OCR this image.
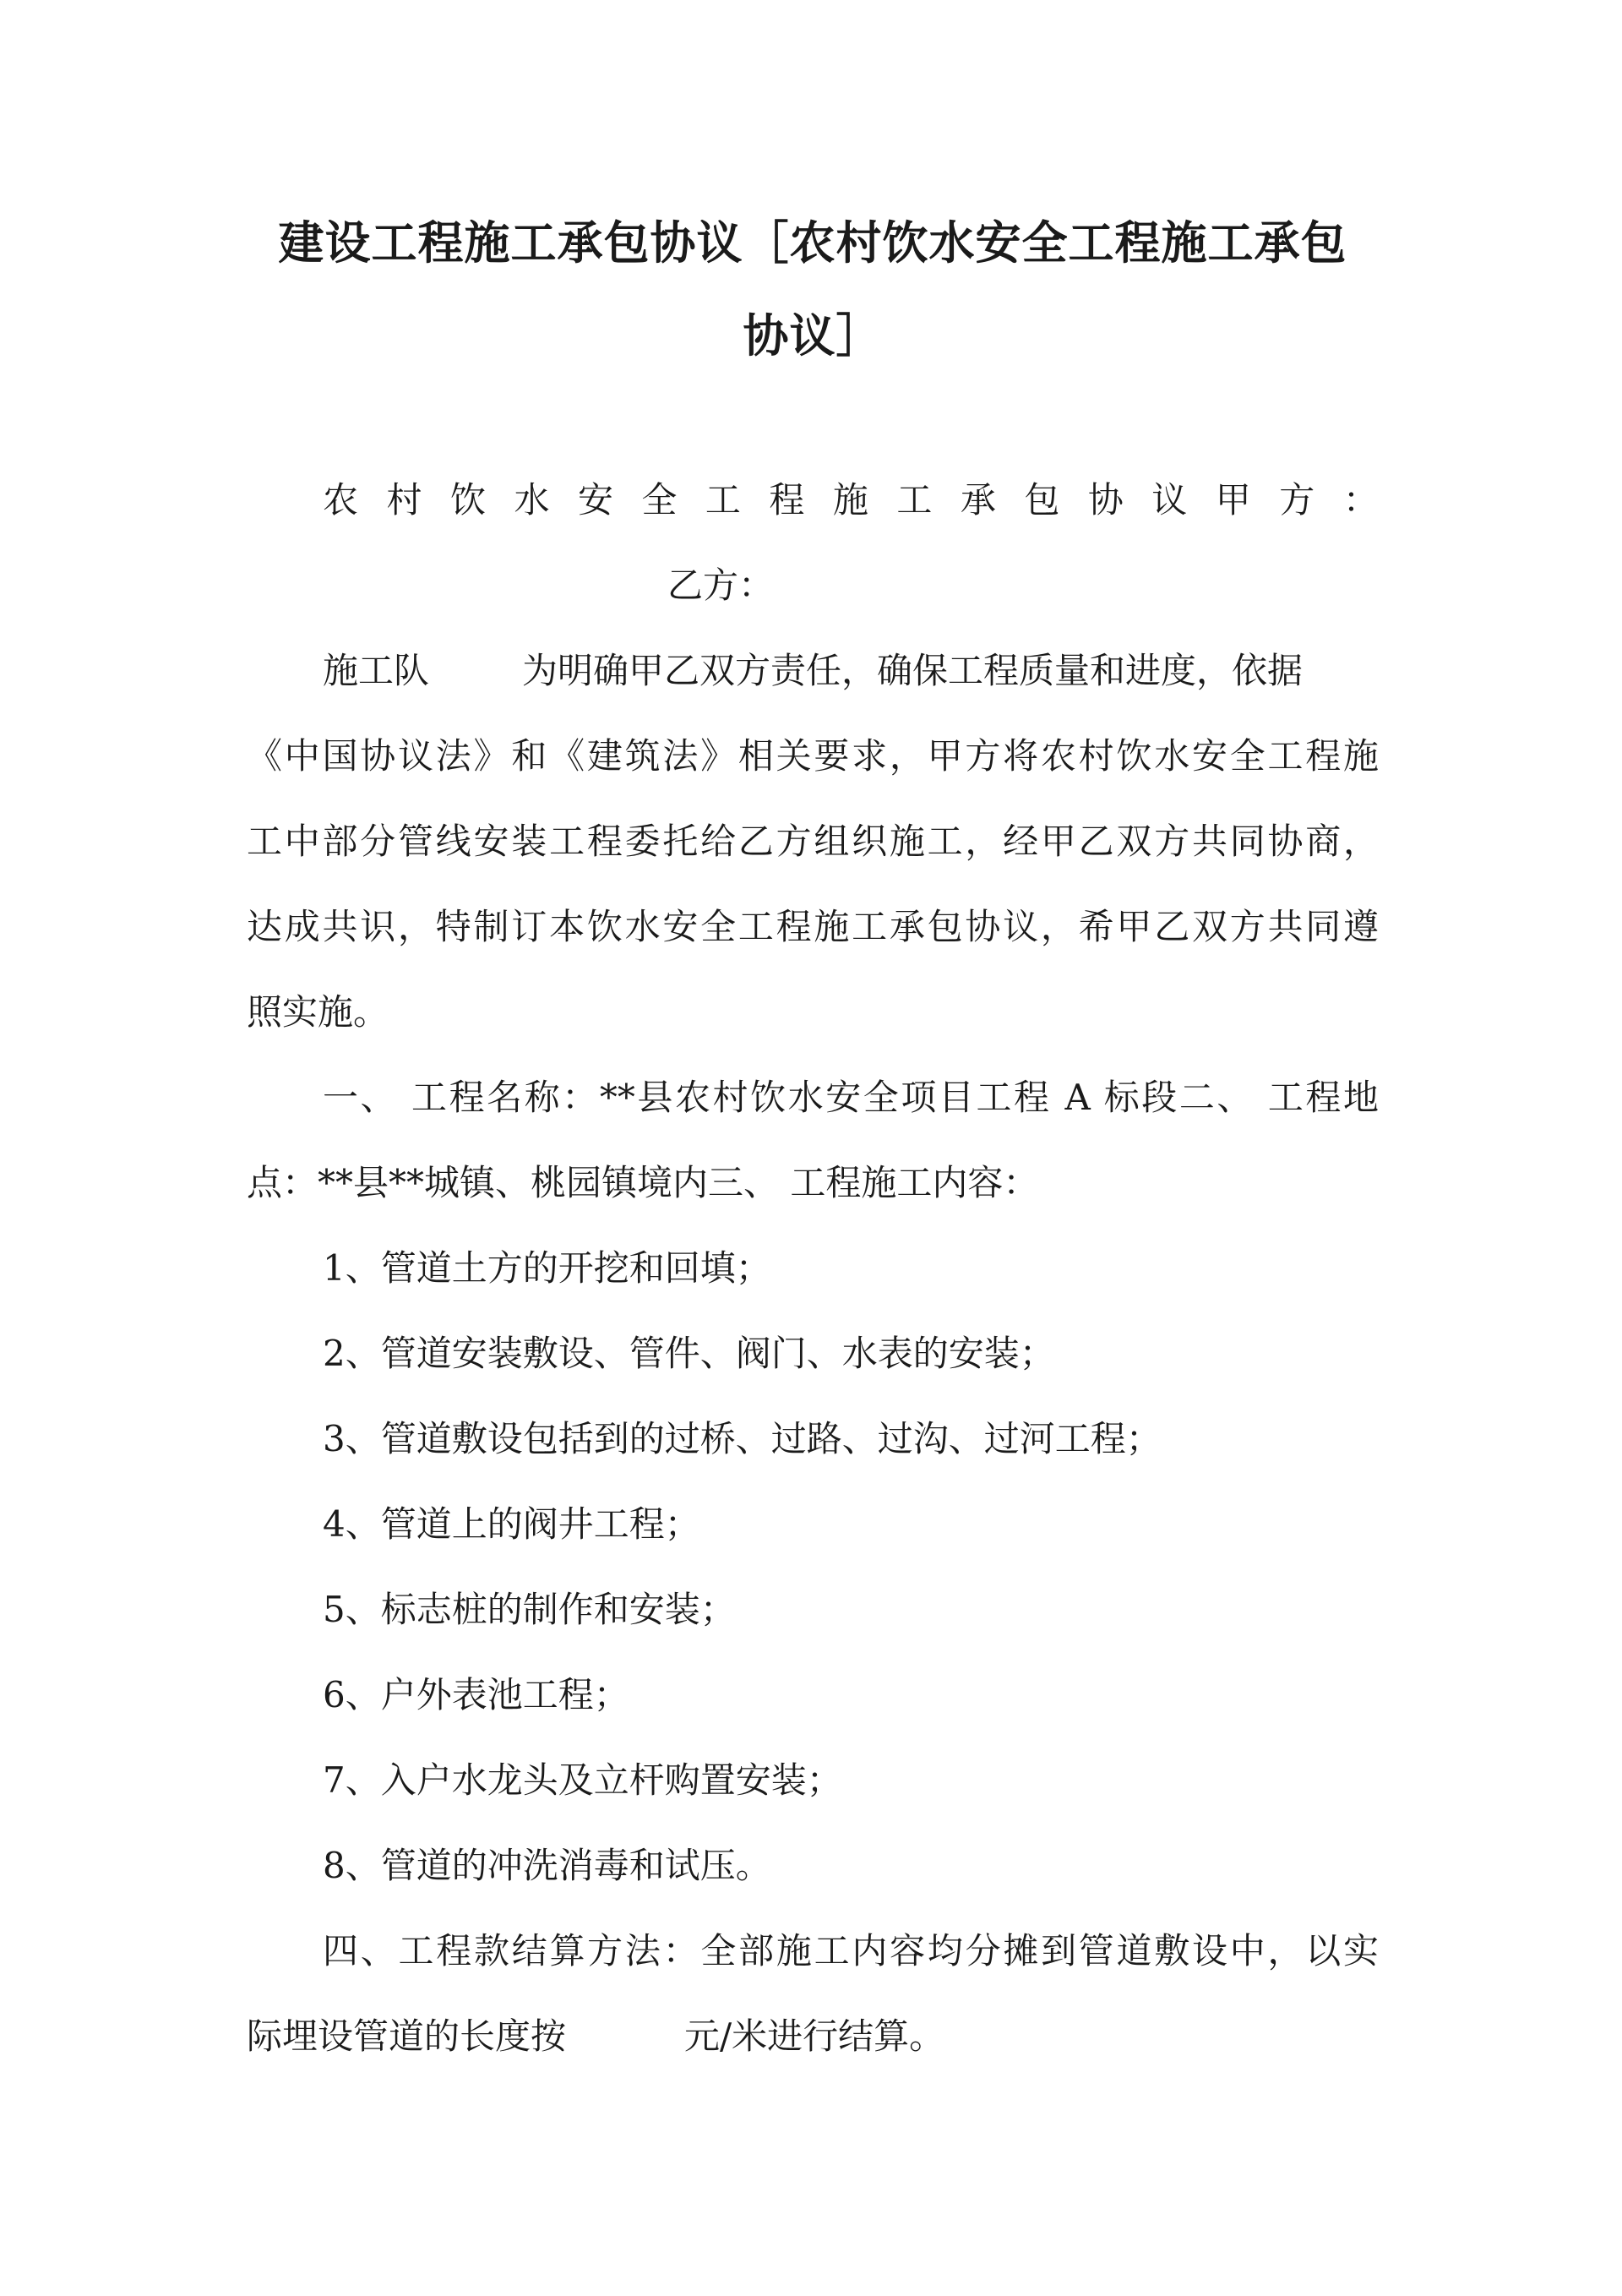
建设工程施工承包协议［农村饮水安全工程施工承包
协议］
农 村 饮 水 安 全 工 程 施 工 承 包 协 议 甲 方 ：
乙方：
施工队	为明确甲乙双方责任，确保工程质量和进度，依据
《中国协议法》和《建筑法》相关要求，甲方将农村饮水安全工程施
工中部分管线安装工程委托给乙方组织施工，经甲乙双方共同协商，
达成共识，特制订本饮水安全工程施工承包协议，希甲乙双方共同遵
照实施。
一、 工程名称：**县农村饮水安全项目工程 A 标段二、 工程地
点：**县**城镇、桃园镇境内三、 工程施工内容：
1、管道土方的开挖和回填；
2、管道安装敷设、管件、阀门、水表的安装；
3、管道敷设包括到的过桥、过路、过沟、过河工程；
4、管道上的阀井工程；
5、标志桩的制作和安装；
6、户外表池工程；
7、入户水龙头及立杆购置安装；
8、管道的冲洗消毒和试压。
四、工程款结算方法：全部施工内容均分摊到管道敷设中，以实
际埋设管道的长度按	元/米进行结算。
